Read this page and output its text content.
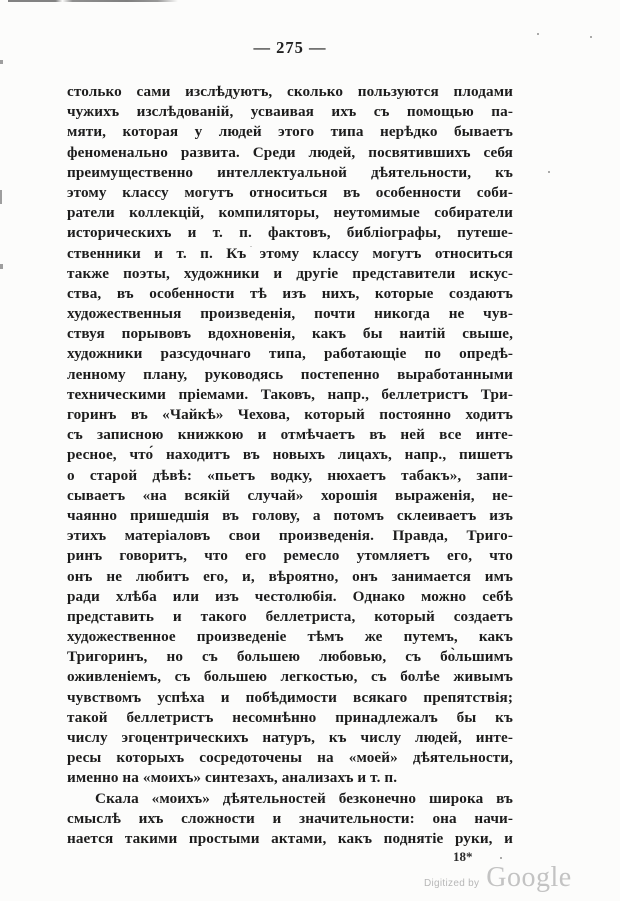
— 275 —
столько сами изслѣдуютъ, сколько пользуются плодами
чужихъ изслѣдованій, усваивая ихъ съ помощью па-
мяти, которая у людей этого типа нерѣдко бываетъ
феноменально развита. Среди людей, посвятившихъ себя
преимущественно интеллектуальной дѣятельности, къ
этому классу могутъ относиться въ особенности соби-
ратели коллекцій, компиляторы, неутомимые собиратели
историческихъ и т. п. фактовъ, библіографы, путеше-
ственники и т. п. Къ этому классу могутъ относиться
также поэты, художники и другіе представители искус-
ства, въ особенности тѣ изъ нихъ, которые создаютъ
художественныя произведенія, почти никогда не чув-
ствуя порывовъ вдохновенія, какъ бы наитій свыше,
художники разсудочнаго типа, работающіе по опредѣ-
ленному плану, руководясь постепенно выработанными
техническими пріемами. Таковъ, напр., беллетристъ Три-
горинъ въ «Чайкѣ» Чехова, который постоянно ходитъ
съ записною книжкою и отмѣчаетъ въ ней все инте-
ресное, что́ находитъ въ новыхъ лицахъ, напр., пишетъ
о старой дѣвѣ: «пьетъ водку, нюхаетъ табакъ», запи-
сываетъ «на всякій случай» хорошія выраженія, не-
чаянно пришедшія въ голову, а потомъ склеиваетъ изъ
этихъ матеріаловъ свои произведенія. Правда, Триго-
ринъ говоритъ, что его ремесло утомляетъ его, что
онъ не любитъ его, и, вѣроятно, онъ занимается имъ
ради хлѣба или изъ честолюбія. Однако можно себѣ
представить и такого беллетриста, который создаетъ
художественное произведеніе тѣмъ же путемъ, какъ
Тригоринъ, но съ большею любовью, съ бо̀льшимъ
оживленіемъ, съ большею легкостью, съ болѣе живымъ
чувствомъ успѣха и побѣдимости всякаго препятствія;
такой беллетристъ несомнѣнно принадлежалъ бы къ
числу эгоцентрическихъ натуръ, къ числу людей, инте-
ресы которыхъ сосредоточены на «моей» дѣятельности,
именно на «моихъ» синтезахъ, анализахъ и т. п.
Скала «моихъ» дѣятельностей безконечно широка въ
смыслѣ ихъ сложности и значительности: она начи-
нается такими простыми актами, какъ поднятіе руки, и
18*
Digitized by Google
